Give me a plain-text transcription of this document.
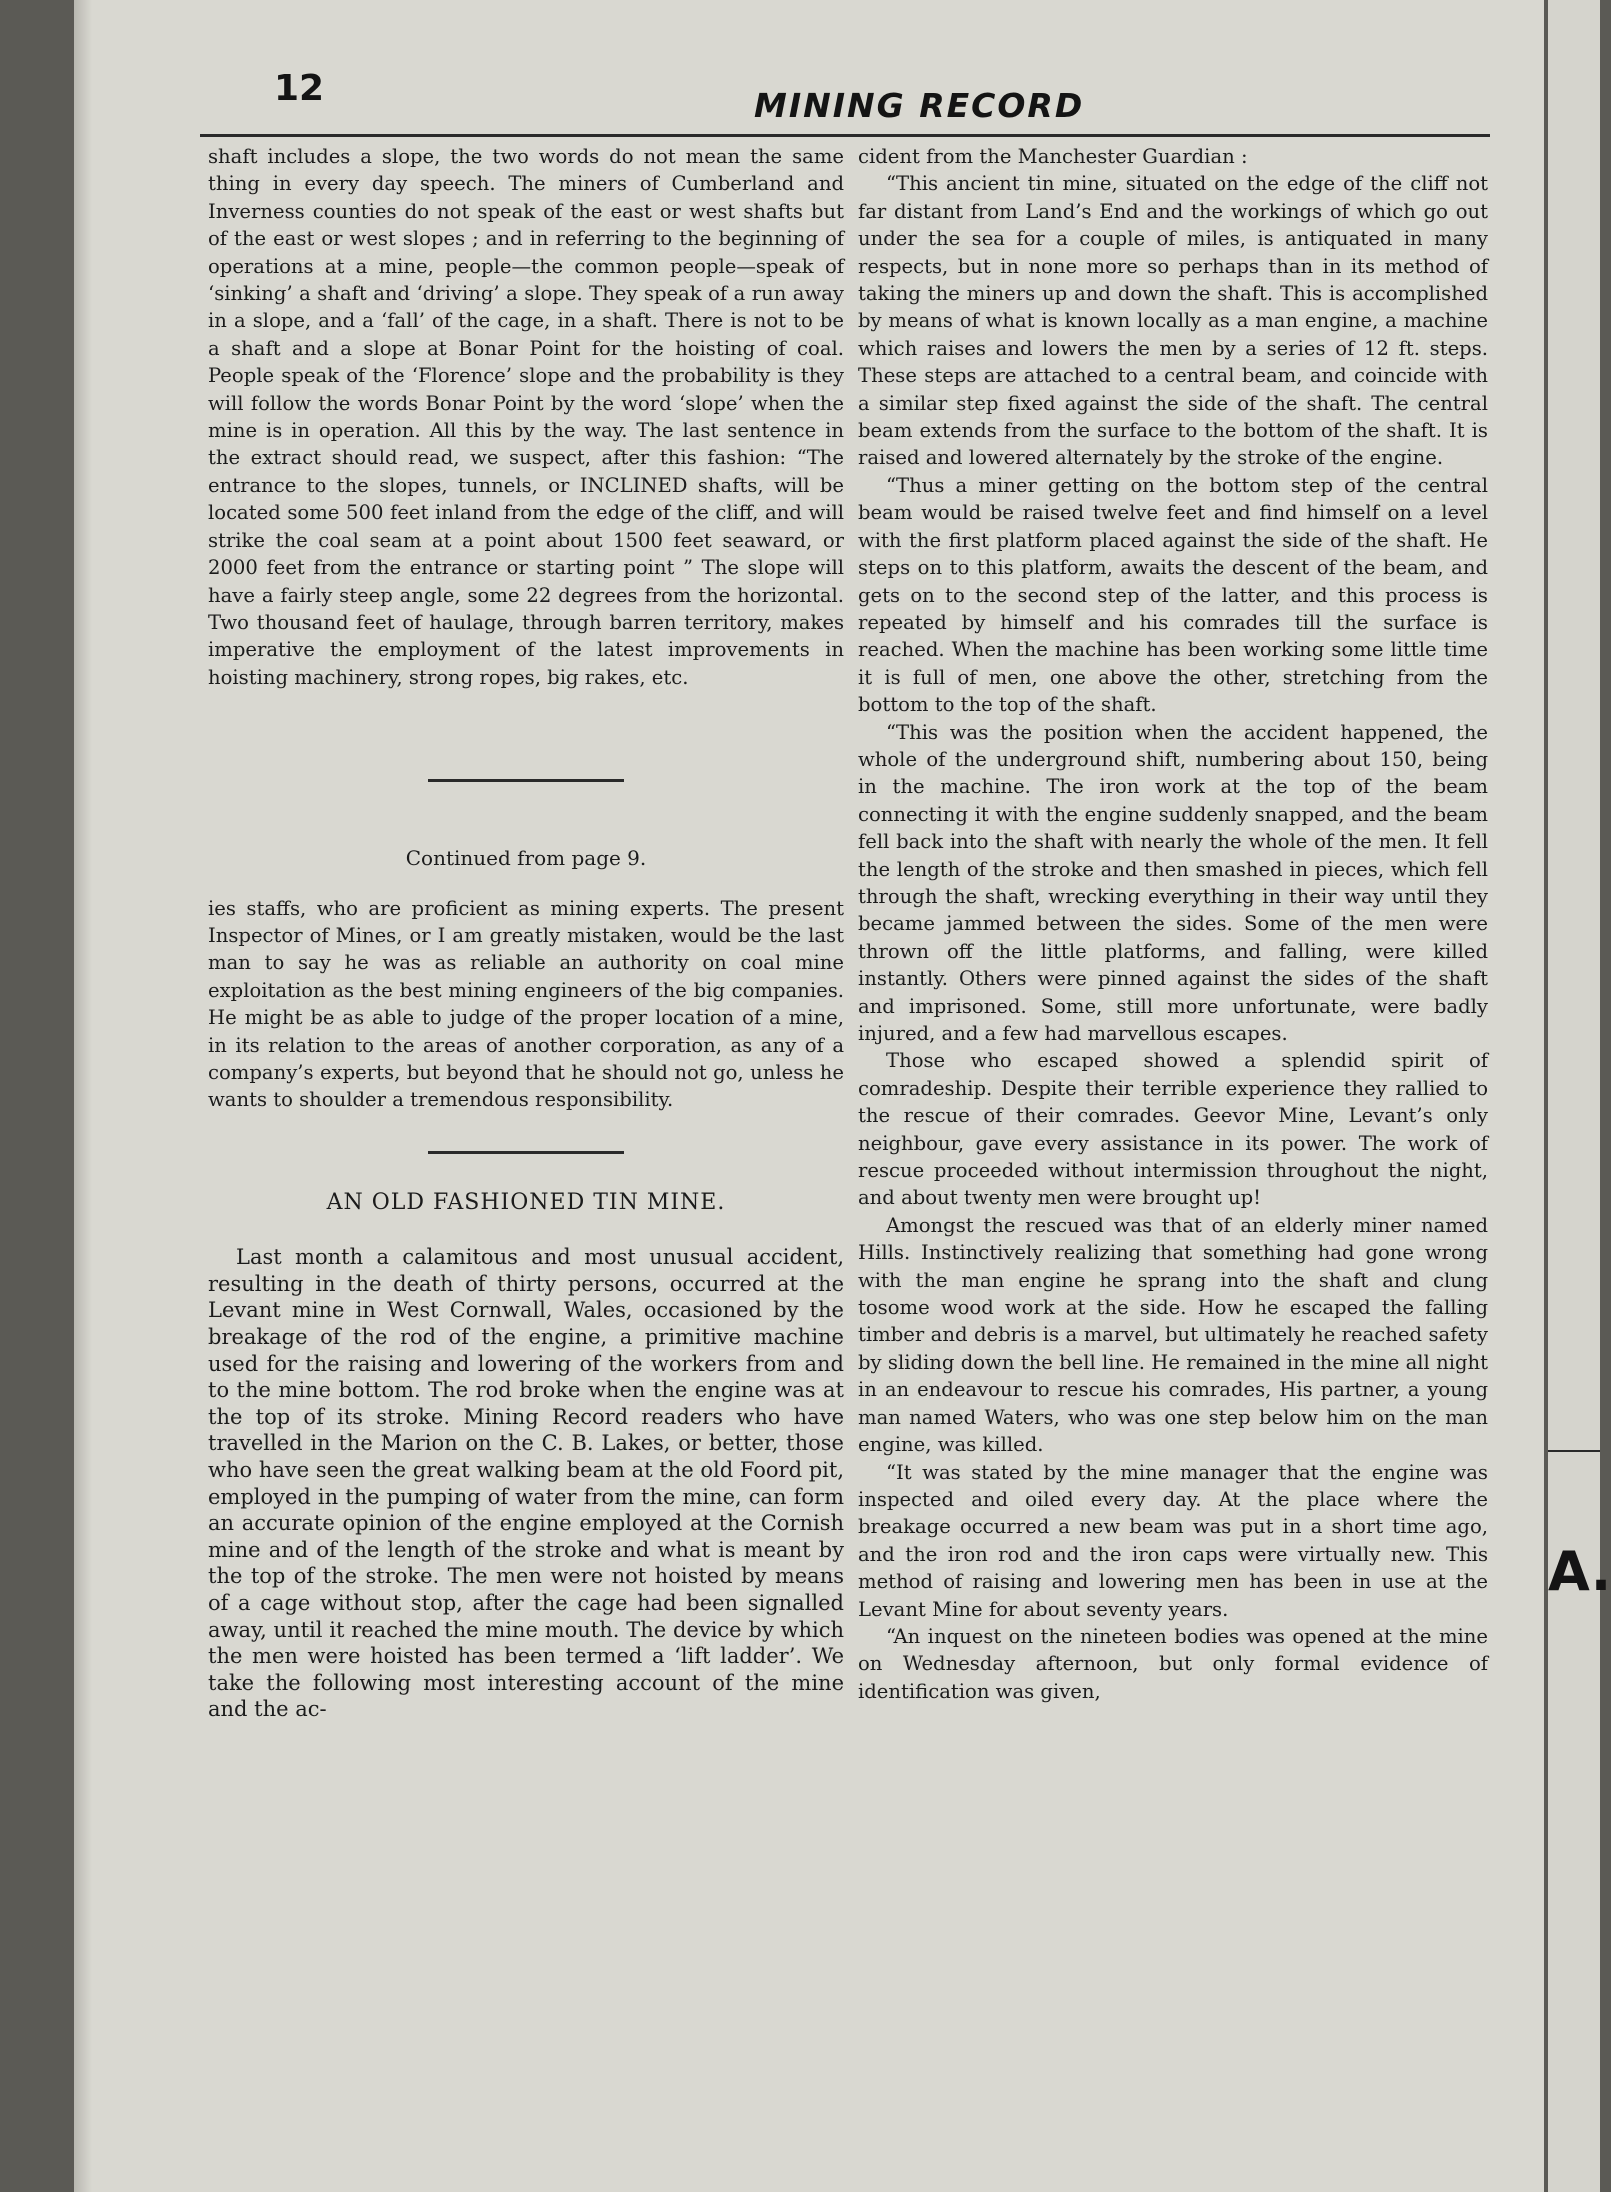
12	MINING RECORD

shaft includes a slope, the two words do not mean the same thing in every day speech. The miners of Cumberland and Inverness counties do not speak of the east or west shafts but of the east or west slopes ; and in referring to the beginning of operations at a mine, people—the common people—speak of ‘sinking’ a shaft and ‘driving’ a slope. They speak of a run away in a slope, and a ‘fall’ of the cage, in a shaft. There is not to be a shaft and a slope at Bonar Point for the hoisting of coal. People speak of the ‘Florence’ slope and the probability is they will follow the words Bonar Point by the word ‘slope’ when the mine is in operation. All this by the way. The last sentence in the extract should read, we suspect, after this fashion: “The entrance to the slopes, tunnels, or INCLINED shafts, will be located some 500 feet inland from the edge of the cliff, and will strike the coal seam at a point about 1500 feet seaward, or 2000 feet from the entrance or starting point ” The slope will have a fairly steep angle, some 22 degrees from the horizontal. Two thousand feet of haulage, through barren territory, makes imperative the employment of the latest improvements in hoisting machinery, strong ropes, big rakes, etc.

Continued from page 9.

ies staffs, who are proficient as mining experts. The present Inspector of Mines, or I am greatly mistaken, would be the last man to say he was as reliable an authority on coal mine exploitation as the best mining engineers of the big companies. He might be as able to judge of the proper location of a mine, in its relation to the areas of another corporation, as any of a company’s experts, but beyond that he should not go, unless he wants to shoulder a tremendous responsibility.

AN OLD FASHIONED TIN MINE.

Last month a calamitous and most unusual accident, resulting in the death of thirty persons, occurred at the Levant mine in West Cornwall, Wales, occasioned by the breakage of the rod of the engine, a primitive machine used for the raising and lowering of the workers from and to the mine bottom. The rod broke when the engine was at the top of its stroke. Mining Record readers who have travelled in the Marion on the C. B. Lakes, or better, those who have seen the great walking beam at the old Foord pit, employed in the pumping of water from the mine, can form an accurate opinion of the engine employed at the Cornish mine and of the length of the stroke and what is meant by the top of the stroke. The men were not hoisted by means of a cage without stop, after the cage had been signalled away, until it reached the mine mouth. The device by which the men were hoisted has been termed a ‘lift ladder’. We take the following most interesting account of the mine and the ac-

cident from the Manchester Guardian :

“This ancient tin mine, situated on the edge of the cliff not far distant from Land’s End and the workings of which go out under the sea for a couple of miles, is antiquated in many respects, but in none more so perhaps than in its method of taking the miners up and down the shaft. This is accomplished by means of what is known locally as a man engine, a machine which raises and lowers the men by a series of 12 ft. steps. These steps are attached to a central beam, and coincide with a similar step fixed against the side of the shaft. The central beam extends from the surface to the bottom of the shaft. It is raised and lowered alternately by the stroke of the engine.

“Thus a miner getting on the bottom step of the central beam would be raised twelve feet and find himself on a level with the first platform placed against the side of the shaft. He steps on to this platform, awaits the descent of the beam, and gets on to the second step of the latter, and this process is repeated by himself and his comrades till the surface is reached. When the machine has been working some little time it is full of men, one above the other, stretching from the bottom to the top of the shaft.

“This was the position when the accident happened, the whole of the underground shift, numbering about 150, being in the machine. The iron work at the top of the beam connecting it with the engine suddenly snapped, and the beam fell back into the shaft with nearly the whole of the men. It fell the length of the stroke and then smashed in pieces, which fell through the shaft, wrecking everything in their way until they became jammed between the sides. Some of the men were thrown off the little platforms, and falling, were killed instantly. Others were pinned against the sides of the shaft and imprisoned. Some, still more unfortunate, were badly injured, and a few had marvellous escapes.

Those who escaped showed a splendid spirit of comradeship. Despite their terrible experience they rallied to the rescue of their comrades. Geevor Mine, Levant’s only neighbour, gave every assistance in its power. The work of rescue proceeded without intermission throughout the night, and about twenty men were brought up!

Amongst the rescued was that of an elderly miner named Hills. Instinctively realizing that something had gone wrong with the man engine he sprang into the shaft and clung tosome wood work at the side. How he escaped the falling timber and debris is a marvel, but ultimately he reached safety by sliding down the bell line. He remained in the mine all night in an endeavour to rescue his comrades, His partner, a young man named Waters, who was one step below him on the man engine, was killed.

“It was stated by the mine manager that the engine was inspected and oiled every day. At the place where the breakage occurred a new beam was put in a short time ago, and the iron rod and the iron caps were virtually new. This method of raising and lowering men has been in use at the Levant Mine for about seventy years.

“An inquest on the nineteen bodies was opened at the mine on Wednesday afternoon, but only formal evidence of identification was given,

A.
